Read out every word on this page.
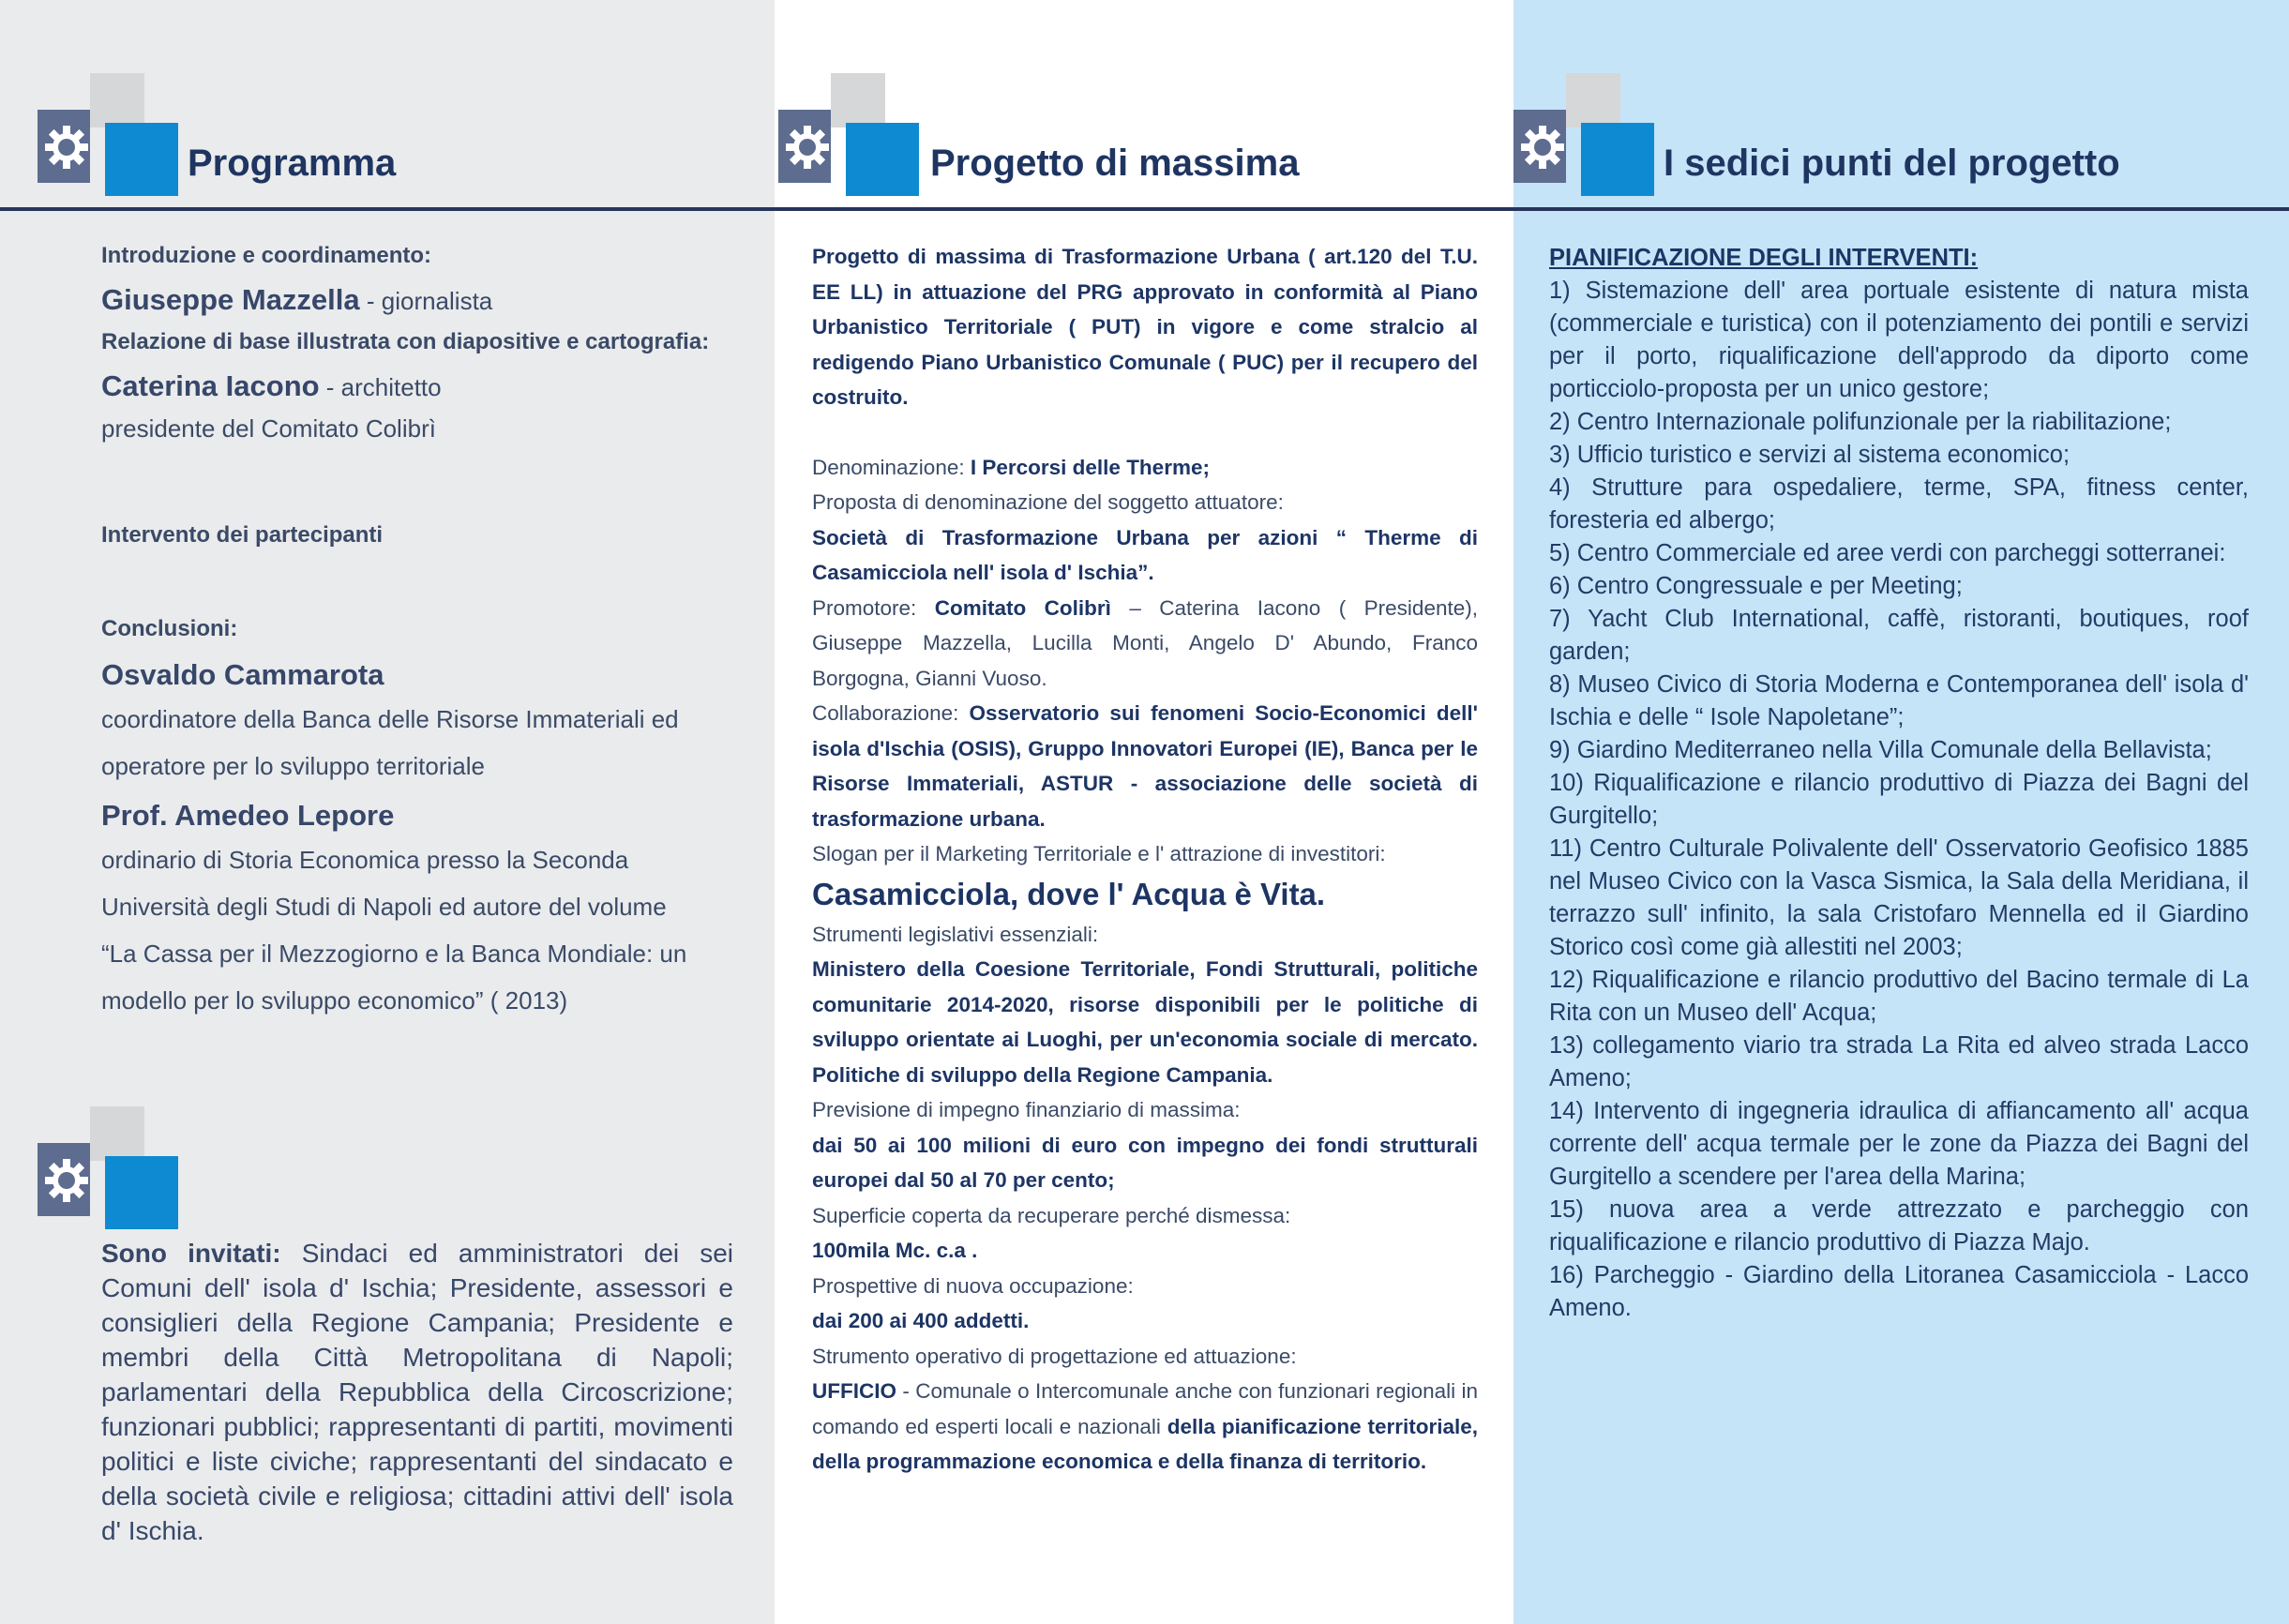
Programma
Introduzione e coordinamento:
Giuseppe Mazzella - giornalista
Relazione di base illustrata con diapositive e cartografia:
Caterina Iacono - architetto
presidente del Comitato Colibrì
Intervento dei partecipanti
Conclusioni:
Osvaldo Cammarota
coordinatore della Banca delle Risorse Immateriali ed
operatore per lo sviluppo territoriale
Prof. Amedeo Lepore
ordinario di Storia Economica presso la Seconda
Università degli Studi di Napoli ed autore del volume
“La Cassa per il Mezzogiorno e la Banca Mondiale: un
modello per lo sviluppo economico” ( 2013)
Sono invitati: Sindaci ed amministratori dei sei Comuni dell' isola d' Ischia; Presidente, assessori e consiglieri della Regione Campania; Presidente e membri della Città Metropolitana di Napoli; parlamentari della Repubblica della Circoscrizione; funzionari pubblici; rappresentanti di partiti, movimenti politici e liste civiche; rappresentanti del sindacato e della società civile e religiosa; cittadini attivi dell' isola d' Ischia.
Progetto di massima

Progetto di massima di Trasformazione Urbana ( art.120 del T.U. EE LL) in attuazione del PRG approvato in conformità al Piano Urbanistico Territoriale ( PUT) in vigore e come stralcio al redigendo Piano Urbanistico Comunale ( PUC) per il recupero del costruito.

Denominazione: I Percorsi delle Therme;

Proposta di denominazione del soggetto attuatore:

Società di Trasformazione Urbana per azioni “ Therme di Casamicciola nell' isola d' Ischia”.

Promotore: Comitato Colibrì – Caterina Iacono ( Presidente), Giuseppe Mazzella, Lucilla Monti, Angelo D' Abundo, Franco Borgogna, Gianni Vuoso.

Collaborazione: Osservatorio sui fenomeni Socio-Economici dell' isola d'Ischia (OSIS), Gruppo Innovatori Europei (IE), Banca per le Risorse Immateriali, ASTUR - associazione delle società di trasformazione urbana.

Slogan per il Marketing Territoriale e l' attrazione di investitori:

Casamicciola, dove l' Acqua è Vita.

Strumenti legislativi essenziali:

Ministero della Coesione Territoriale, Fondi Strutturali, politiche comunitarie 2014-2020, risorse disponibili per le politiche di sviluppo orientate ai Luoghi, per un'economia sociale di mercato. Politiche di sviluppo della Regione Campania.

Previsione di impegno finanziario di massima:

dai 50 ai 100 milioni di euro con impegno dei fondi strutturali europei dal 50 al 70 per cento;

Superficie coperta da recuperare perché dismessa:

100mila Mc. c.a .

Prospettive di nuova occupazione:

dai 200 ai 400 addetti.

Strumento operativo di progettazione ed attuazione:

UFFICIO - Comunale o Intercomunale anche con funzionari regionali in comando ed esperti locali e nazionali della pianificazione territoriale, della programmazione economica e della finanza di territorio.

I sedici punti del progetto

PIANIFICAZIONE DEGLI INTERVENTI:

1) Sistemazione dell' area portuale esistente di natura mista (commerciale e turistica) con il potenziamento dei pontili e servizi per il porto, riqualificazione dell'approdo da diporto come porticciolo-proposta per un unico gestore;

2) Centro Internazionale polifunzionale per la riabilitazione;

3) Ufficio turistico e servizi al sistema economico;

4) Strutture para ospedaliere, terme, SPA, fitness center, foresteria ed albergo;

5) Centro Commerciale ed aree verdi con parcheggi sotterranei:

6) Centro Congressuale e per Meeting;

7) Yacht Club International, caffè, ristoranti, boutiques, roof garden;

8) Museo Civico di Storia Moderna e Contemporanea dell' isola d' Ischia e delle “ Isole Napoletane”;

9) Giardino Mediterraneo nella Villa Comunale della Bellavista;

10) Riqualificazione e rilancio produttivo di Piazza dei Bagni del Gurgitello;

11) Centro Culturale Polivalente dell' Osservatorio Geofisico 1885 nel Museo Civico con la Vasca Sismica, la Sala della Meridiana, il terrazzo sull' infinito, la sala Cristofaro Mennella ed il Giardino Storico così come già allestiti nel 2003;

12) Riqualificazione e rilancio produttivo del Bacino termale di La Rita con un Museo dell' Acqua;

13) collegamento viario tra strada La Rita ed alveo strada Lacco Ameno;

14) Intervento di ingegneria idraulica di affiancamento all' acqua corrente dell' acqua termale per le zone da Piazza dei Bagni del Gurgitello a scendere per l'area della Marina;

15) nuova area a verde attrezzato e parcheggio con riqualificazione e rilancio produttivo di Piazza Majo.

16) Parcheggio - Giardino della Litoranea Casamicciola - Lacco Ameno.
